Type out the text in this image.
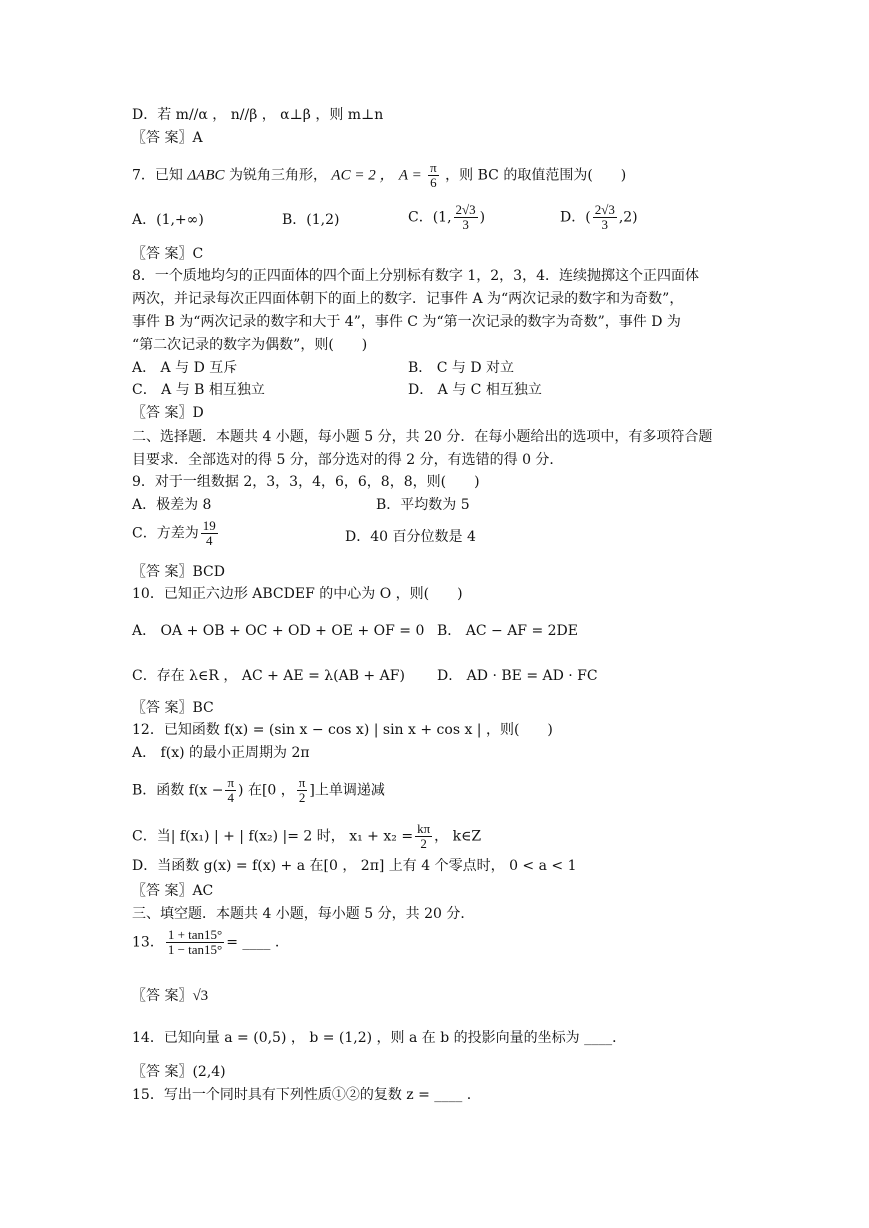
D．若 m//α ， n//β ， α⊥β ，则 m⊥n
〖答 案〗A
7．已知 ΔABC 为锐角三角形， AC = 2 ， $A = \frac{\pi}{6}$ ，则 BC 的取值范围为(　　)
A．(1,+∞)	B．(1,2)	C．(1, $\frac{2√3}{3}$ )	D．( $\frac{2√3}{3} ,2$)
〖答 案〗C
8．一个质地均匀的正四面体的四个面上分别标有数字 1，2，3，4．连续抛掷这个正四面体
两次，并记录每次正四面体朝下的面上的数字．记事件 A 为“两次记录的数字和为奇数”，
事件 B 为“两次记录的数字和大于 4”，事件 C 为“第一次记录的数字为奇数”，事件 D 为
“第二次记录的数字为偶数”，则(　　)
A． A 与 D 互斥	B． C 与 D 对立
C． A 与 B 相互独立	D． A 与 C 相互独立
〖答 案〗D
二、选择题．本题共 4 小题，每小题 5 分，共 20 分．在每小题给出的选项中，有多项符合题
目要求．全部选对的得 5 分，部分选对的得 2 分，有选错的得 0 分．
9．对于一组数据 2，3，3，4，6，6，8，8，则(　　)
A．极差为 8	B．平均数为 5
C．方差为 $\frac{19}{4}$	D．40 百分位数是 4
〖答 案〗BCD
10．已知正六边形 ABCDEF 的中心为 O ，则(　　)
A． OA + OB + OC + OD + OE + OF = 0 B． AC − AF = 2DE
C．存在 λ∈R ， AC + AE = λ(AB + AF) D． AD · BE = AD · FC
〖答 案〗BC
12．已知函数 f(x) = (sin x − cos x) | sin x + cos x | ，则(　　)
A． f(x) 的最小正周期为 2π
B．函数 $f(x - \frac{\pi}{4}$ ) 在[0 ， $\frac{\pi}{2}$ ]上单调递减
C．当| f(x₁) | + | f(x₂) |= 2 时， $x_1 + x_2 = \frac{k\pi}{2}$ ， k∈Z
D．当函数 g(x) = f(x) + a 在[0 ， 2π] 上有 4 个零点时， 0 < a < 1
〖答 案〗AC
三、填空题．本题共 4 小题，每小题 5 分，共 20 分．
13． $\frac{1 + \tan 15^\circ}{1 - \tan 15^\circ}$ = ____ .
〖答 案〗√3
14．已知向量 a = (0,5) ， b = (1,2) ，则 a 在 b 的投影向量的坐标为 ____．
〖答 案〗(2,4)
15．写出一个同时具有下列性质①②的复数 z = ____ .
